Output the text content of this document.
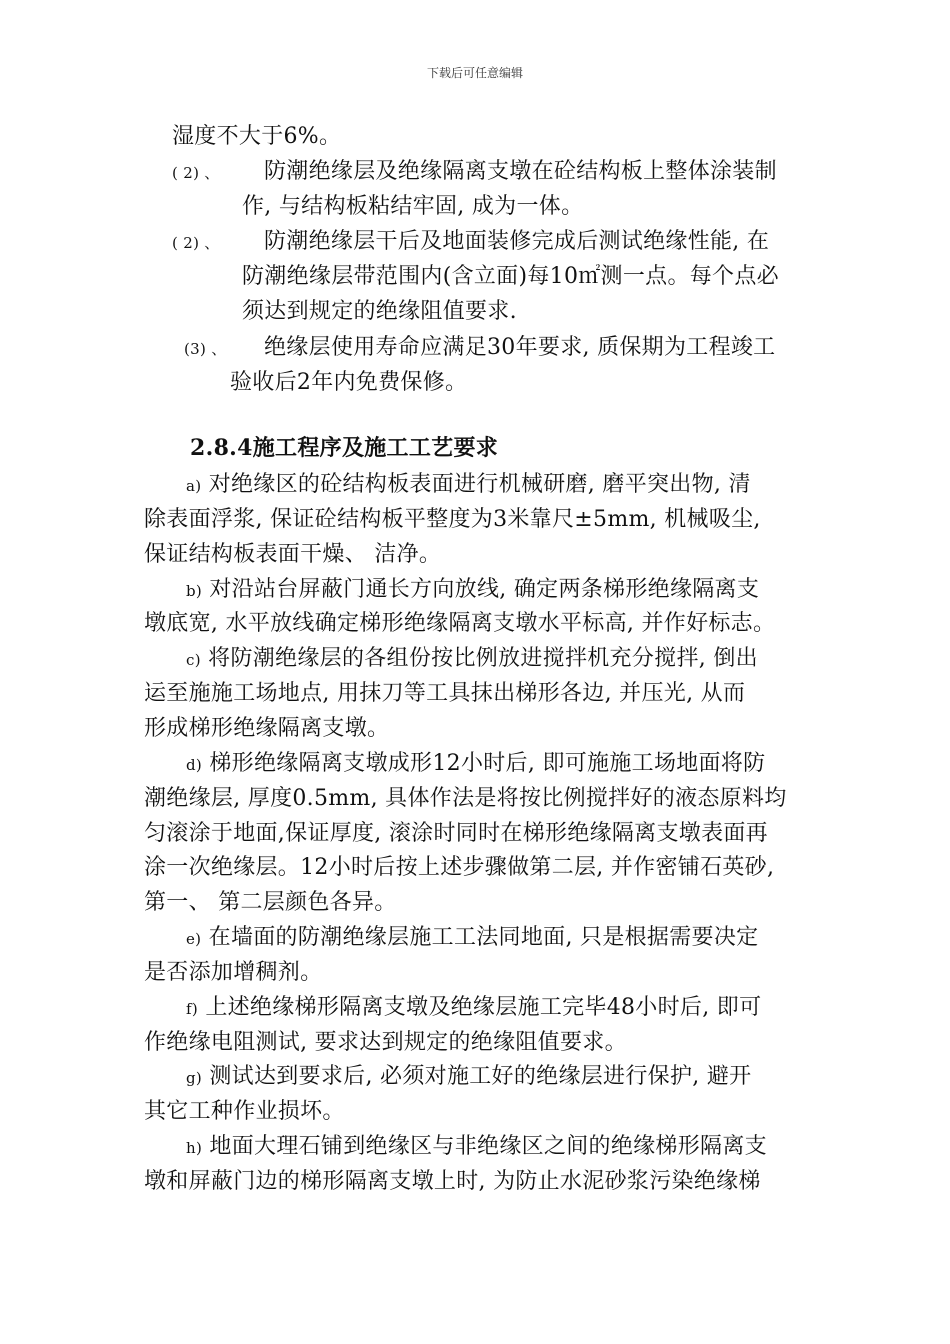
下载后可任意编辑
湿度不大于6%。
( 2) 、 防潮绝缘层及绝缘隔离支墩在砼结构板上整体涂装制
作, 与结构板粘结牢固, 成为一体。
( 2) 、 防潮绝缘层干后及地面装修完成后测试绝缘性能, 在
防潮绝缘层带范围内(含立面)每10㎡测一点。每个点必
须达到规定的绝缘阻值要求.
(3) 、 绝缘层使用寿命应满足30年要求, 质保期为工程竣工
验收后2年内免费保修。
2.8.4施工程序及施工工艺要求
a) 对绝缘区的砼结构板表面进行机械研磨, 磨平突出物, 清
除表面浮浆, 保证砼结构板平整度为3米靠尺±5mm, 机械吸尘,
保证结构板表面干燥、 洁净。
b) 对沿站台屏蔽门通长方向放线, 确定两条梯形绝缘隔离支
墩底宽, 水平放线确定梯形绝缘隔离支墩水平标高, 并作好标志。
c) 将防潮绝缘层的各组份按比例放进搅拌机充分搅拌, 倒出
运至施施工场地点, 用抹刀等工具抹出梯形各边, 并压光, 从而
形成梯形绝缘隔离支墩。
d) 梯形绝缘隔离支墩成形12小时后, 即可施施工场地面将防
潮绝缘层, 厚度0.5mm, 具体作法是将按比例搅拌好的液态原料均
匀滚涂于地面,保证厚度, 滚涂时同时在梯形绝缘隔离支墩表面再
涂一次绝缘层。12小时后按上述步骤做第二层, 并作密铺石英砂,
第一、 第二层颜色各异。
e) 在墙面的防潮绝缘层施工工法同地面, 只是根据需要决定
是否添加增稠剂。
f) 上述绝缘梯形隔离支墩及绝缘层施工完毕48小时后, 即可
作绝缘电阻测试, 要求达到规定的绝缘阻值要求。
g) 测试达到要求后, 必须对施工好的绝缘层进行保护, 避开
其它工种作业损坏。
h) 地面大理石铺到绝缘区与非绝缘区之间的绝缘梯形隔离支
墩和屏蔽门边的梯形隔离支墩上时, 为防止水泥砂浆污染绝缘梯
